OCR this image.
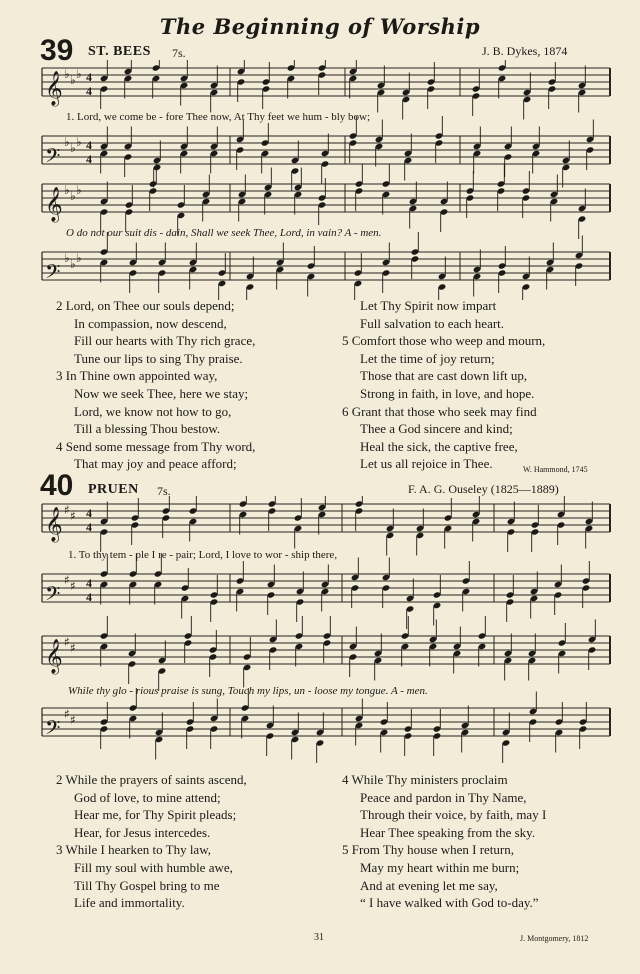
The Beginning of Worship
39 ST. BEES 7s.	J. B. Dykes, 1874
𝄞 ♭ ♭ ♭ 4
4
𝄢
♭ ♭ ♭ 4
4
𝄞 ♭ ♭ ♭
𝄢
♭ ♭ ♭
1. Lord, we come be - fore Thee now, At Thy feet we hum - bly bow;
O do not our suit dis - dain, Shall we seek Thee, Lord, in vain? A - men.

2 Lord, on Thee our souls depend;

In compassion, now descend,

Fill our hearts with Thy rich grace,

Tune our lips to sing Thy praise.

3 In Thine own appointed way,

Now we seek Thee, here we stay;

Lord, we know not how to go,

Till a blessing Thou bestow.

4 Send some message from Thy word,

That may joy and peace afford;

Let Thy Spirit now impart

Full salvation to each heart.

5 Comfort those who weep and mourn,

Let the time of joy return;

Those that are cast down lift up,

Strong in faith, in love, and hope.

6 Grant that those who seek may find

Thee a God sincere and kind;

Heal the sick, the captive free,

Let us all rejoice in Thee.	W. Hammond, 1745
40 PRUEN 7s.	F. A. G. Ouseley (1825—1889)
𝄞 ♯ ♯ 4
4
𝄢
♯ ♯ 4
4
𝄞 ♯ ♯
𝄢
♯ ♯
1. To thy tem - ple I re - pair; Lord, I love to wor - ship there,
While thy glo - rious praise is sung, Touch my lips, un - loose my tongue. A - men.

2 While the prayers of saints ascend,

God of love, to mine attend;

Hear me, for Thy Spirit pleads;

Hear, for Jesus intercedes.

3 While I hearken to Thy law,

Fill my soul with humble awe,

Till Thy Gospel bring to me

Life and immortality.

4 While Thy ministers proclaim

Peace and pardon in Thy Name,

Through their voice, by faith, may I

Hear Thee speaking from the sky.

5 From Thy house when I return,

May my heart within me burn;

And at evening let me say,

“ I have walked with God to-day.”

31	J. Montgomery, 1812
